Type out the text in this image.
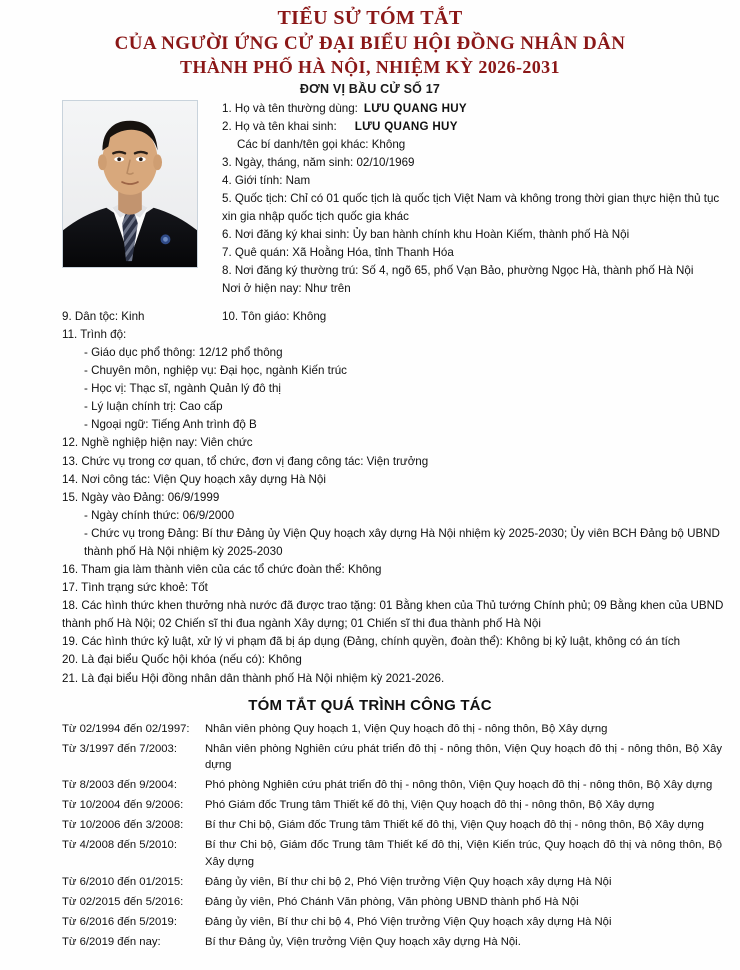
TIỂU SỬ TÓM TẮT
CỦA NGƯỜI ỨNG CỬ ĐẠI BIỂU HỘI ĐỒNG NHÂN DÂN
THÀNH PHỐ HÀ NỘI, NHIỆM KỲ 2026-2031
ĐƠN VỊ BẦU CỬ SỐ 17
1. Họ và tên thường dùng: LƯU QUANG HUY
2. Họ và tên khai sinh: LƯU QUANG HUY
Các bí danh/tên gọi khác: Không
3. Ngày, tháng, năm sinh: 02/10/1969
4. Giới tính: Nam
5. Quốc tịch: Chỉ có 01 quốc tịch là quốc tịch Việt Nam và không trong thời gian thực hiện thủ tục xin gia nhập quốc tịch quốc gia khác
6. Nơi đăng ký khai sinh: Ủy ban hành chính khu Hoàn Kiếm, thành phố Hà Nội
7. Quê quán: Xã Hoằng Hóa, tỉnh Thanh Hóa
8. Nơi đăng ký thường trú: Số 4, ngõ 65, phố Vạn Bảo, phường Ngọc Hà, thành phố Hà Nội
Nơi ở hiện nay: Như trên
9. Dân tộc: Kinh	10. Tôn giáo: Không
11. Trình độ:
- Giáo dục phổ thông: 12/12 phổ thông
- Chuyên môn, nghiệp vụ: Đại học, ngành Kiến trúc
- Học vị: Thạc sĩ, ngành Quản lý đô thị
- Lý luận chính trị: Cao cấp
- Ngoại ngữ: Tiếng Anh trình độ B
12. Nghề nghiệp hiện nay: Viên chức
13. Chức vụ trong cơ quan, tổ chức, đơn vị đang công tác: Viện trưởng
14. Nơi công tác: Viện Quy hoạch xây dựng Hà Nội
15. Ngày vào Đảng: 06/9/1999
- Ngày chính thức: 06/9/2000
- Chức vụ trong Đảng: Bí thư Đảng ủy Viện Quy hoạch xây dựng Hà Nội nhiệm kỳ 2025-2030; Ủy viên BCH Đảng bộ UBND thành phố Hà Nội nhiệm kỳ 2025-2030
16. Tham gia làm thành viên của các tổ chức đoàn thể: Không
17. Tình trạng sức khoẻ: Tốt
18. Các hình thức khen thưởng nhà nước đã được trao tặng: 01 Bằng khen của Thủ tướng Chính phủ; 09 Bằng khen của UBND thành phố Hà Nội; 02 Chiến sĩ thi đua ngành Xây dựng; 01 Chiến sĩ thi đua thành phố Hà Nội
19. Các hình thức kỷ luật, xử lý vi phạm đã bị áp dụng (Đảng, chính quyền, đoàn thể): Không bị kỷ luật, không có án tích
20. Là đại biểu Quốc hội khóa (nếu có): Không
21. Là đại biểu Hội đồng nhân dân thành phố Hà Nội nhiệm kỳ 2021-2026.
TÓM TẮT QUÁ TRÌNH CÔNG TÁC
Từ 02/1994 đến 02/1997:	Nhân viên phòng Quy hoạch 1, Viện Quy hoạch đô thị - nông thôn, Bộ Xây dựng
Từ 3/1997 đến 7/2003:	Nhân viên phòng Nghiên cứu phát triển đô thị - nông thôn, Viện Quy hoạch đô thị - nông thôn, Bộ Xây dựng
Từ 8/2003 đến 9/2004:	Phó phòng Nghiên cứu phát triển đô thị - nông thôn, Viện Quy hoạch đô thị - nông thôn, Bộ Xây dựng
Từ 10/2004 đến 9/2006:	Phó Giám đốc Trung tâm Thiết kế đô thị, Viện Quy hoạch đô thị - nông thôn, Bộ Xây dựng
Từ 10/2006 đến 3/2008:	Bí thư Chi bộ, Giám đốc Trung tâm Thiết kế đô thị, Viện Quy hoạch đô thị - nông thôn, Bộ Xây dựng
Từ 4/2008 đến 5/2010:	Bí thư Chi bộ, Giám đốc Trung tâm Thiết kế đô thị, Viện Kiến trúc, Quy hoạch đô thị và nông thôn, Bộ Xây dựng
Từ 6/2010 đến 01/2015:	Đảng ủy viên, Bí thư chi bộ 2, Phó Viện trưởng Viện Quy hoạch xây dựng Hà Nội
Từ 02/2015 đến 5/2016:	Đảng ủy viên, Phó Chánh Văn phòng, Văn phòng UBND thành phố Hà Nội
Từ 6/2016 đến 5/2019:	Đảng ủy viên, Bí thư chi bộ 4, Phó Viện trưởng Viện Quy hoạch xây dựng Hà Nội
Từ 6/2019 đến nay:	Bí thư Đảng ủy, Viện trưởng Viện Quy hoạch xây dựng Hà Nội.
